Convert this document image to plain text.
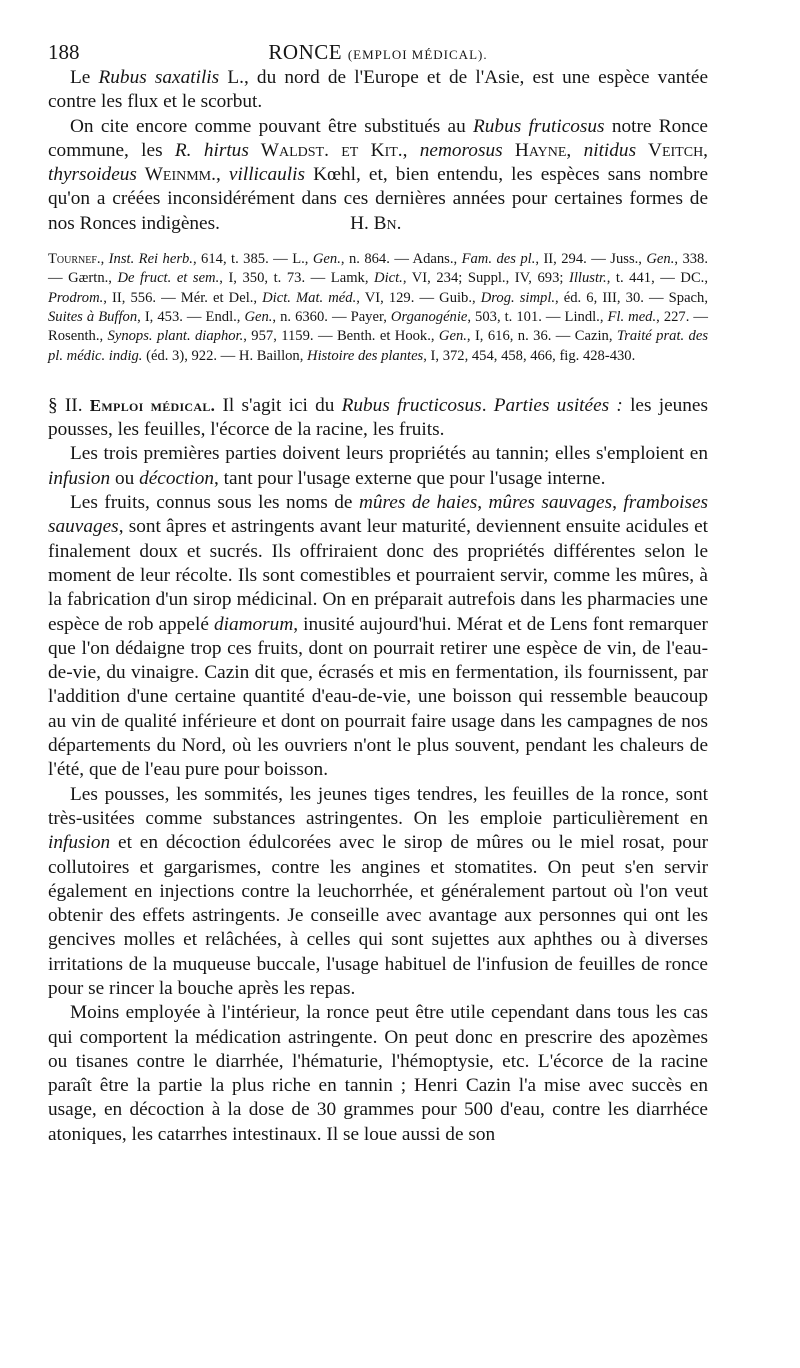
188	RONCE (EMPLOI MÉDICAL).

Le Rubus saxatilis L., du nord de l'Europe et de l'Asie, est une espèce vantée contre les flux et le scorbut.

On cite encore comme pouvant être substitués au Rubus fruticosus notre Ronce commune, les R. hirtus Waldst. et Kit., nemorosus Hayne, nitidus Veitch, thyrsoideus Weinmm., villicaulis Kœhl, et, bien entendu, les espèces sans nombre qu'on a créées inconsidérément dans ces dernières années pour certaines formes de nos Ronces indigènes.	H. Bn.

Tournef., Inst. Rei herb., 614, t. 385. — L., Gen., n. 864. — Adans., Fam. des pl., II, 294. — Juss., Gen., 338. — Gærtn., De fruct. et sem., I, 350, t. 73. — Lamk, Dict., VI, 234; Suppl., IV, 693; Illustr., t. 441, — DC., Prodrom., II, 556. — Mér. et Del., Dict. Mat. méd., VI, 129. — Guib., Drog. simpl., éd. 6, III, 30. — Spach, Suites à Buffon, I, 453. — Endl., Gen., n. 6360. — Payer, Organogénie, 503, t. 101. — Lindl., Fl. med., 227. — Rosenth., Synops. plant. diaphor., 957, 1159. — Benth. et Hook., Gen., I, 616, n. 36. — Cazin, Traité prat. des pl. médic. indig. (éd. 3), 922. — H. Baillon, Histoire des plantes, I, 372, 454, 458, 466, fig. 428-430.

§ II. Emploi médical. Il s'agit ici du Rubus fructicosus. Parties usitées : les jeunes pousses, les feuilles, l'écorce de la racine, les fruits.

Les trois premières parties doivent leurs propriétés au tannin; elles s'emploient en infusion ou décoction, tant pour l'usage externe que pour l'usage interne.

Les fruits, connus sous les noms de mûres de haies, mûres sauvages, framboises sauvages, sont âpres et astringents avant leur maturité, deviennent ensuite acidules et finalement doux et sucrés. Ils offriraient donc des propriétés différentes selon le moment de leur récolte. Ils sont comestibles et pourraient servir, comme les mûres, à la fabrication d'un sirop médicinal. On en préparait autrefois dans les pharmacies une espèce de rob appelé diamorum, inusité aujourd'hui. Mérat et de Lens font remarquer que l'on dédaigne trop ces fruits, dont on pourrait retirer une espèce de vin, de l'eau-de-vie, du vinaigre. Cazin dit que, écrasés et mis en fermentation, ils fournissent, par l'addition d'une certaine quantité d'eau-de-vie, une boisson qui ressemble beaucoup au vin de qualité inférieure et dont on pourrait faire usage dans les campagnes de nos départements du Nord, où les ouvriers n'ont le plus souvent, pendant les chaleurs de l'été, que de l'eau pure pour boisson.

Les pousses, les sommités, les jeunes tiges tendres, les feuilles de la ronce, sont très-usitées comme substances astringentes. On les emploie particulièrement en infusion et en décoction édulcorées avec le sirop de mûres ou le miel rosat, pour collutoires et gargarismes, contre les angines et stomatites. On peut s'en servir également en injections contre la leuchorrhée, et généralement partout où l'on veut obtenir des effets astringents. Je conseille avec avantage aux personnes qui ont les gencives molles et relâchées, à celles qui sont sujettes aux aphthes ou à diverses irritations de la muqueuse buccale, l'usage habituel de l'infusion de feuilles de ronce pour se rincer la bouche après les repas.

Moins employée à l'intérieur, la ronce peut être utile cependant dans tous les cas qui comportent la médication astringente. On peut donc en prescrire des apozèmes ou tisanes contre le diarrhée, l'hématurie, l'hémoptysie, etc. L'écorce de la racine paraît être la partie la plus riche en tannin ; Henri Cazin l'a mise avec succès en usage, en décoction à la dose de 30 grammes pour 500 d'eau, contre les diarrhéce atoniques, les catarrhes intestinaux. Il se loue aussi de son
